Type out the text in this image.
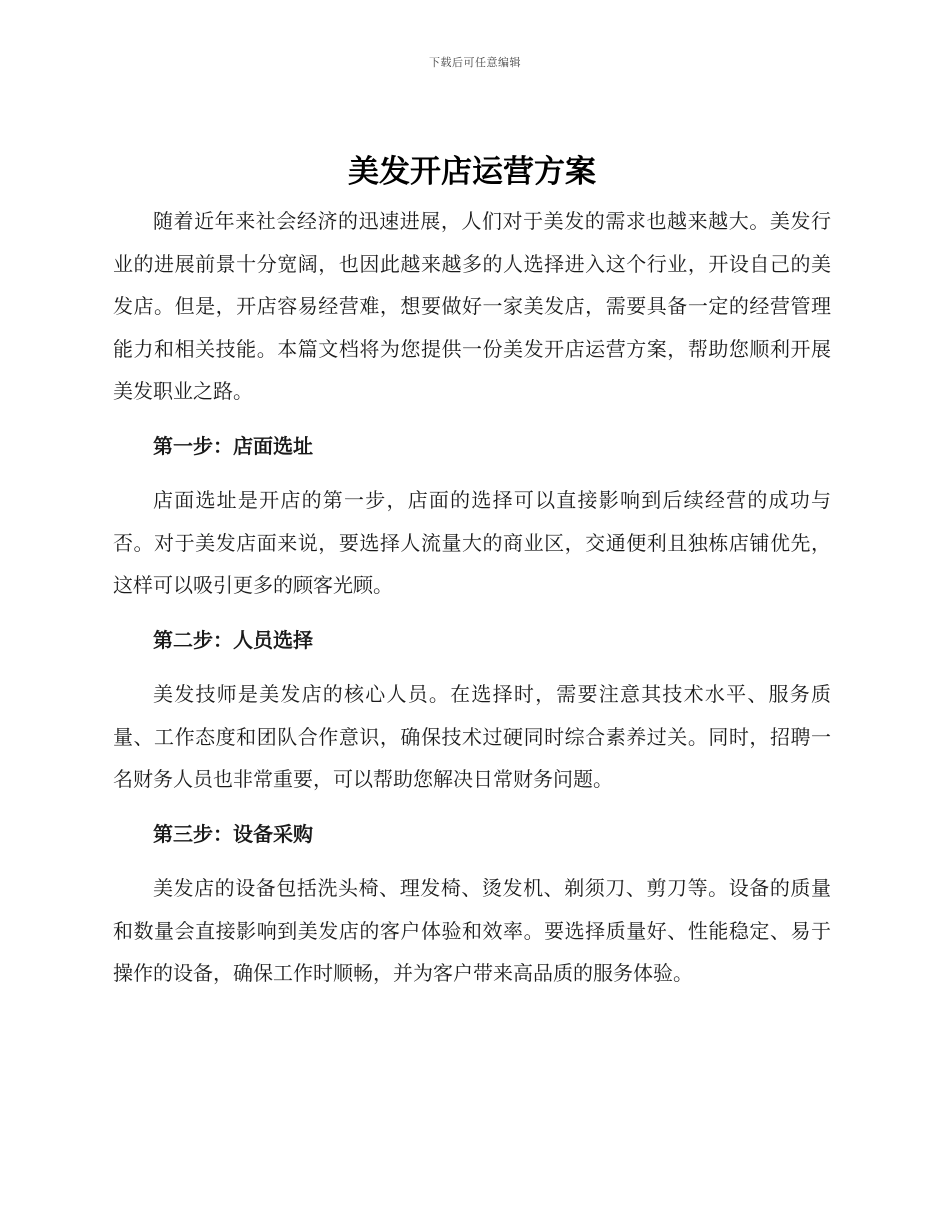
下载后可任意编辑
美发开店运营方案

随着近年来社会经济的迅速进展，人们对于美发的需求也越来越大。美发行业的进展前景十分宽阔，也因此越来越多的人选择进入这个行业，开设自己的美发店。但是，开店容易经营难，想要做好一家美发店，需要具备一定的经营管理能力和相关技能。本篇文档将为您提供一份美发开店运营方案，帮助您顺利开展美发职业之路。

第一步：店面选址

店面选址是开店的第一步，店面的选择可以直接影响到后续经营的成功与否。对于美发店面来说，要选择人流量大的商业区，交通便利且独栋店铺优先，这样可以吸引更多的顾客光顾。

第二步：人员选择

美发技师是美发店的核心人员。在选择时，需要注意其技术水平、服务质量、工作态度和团队合作意识，确保技术过硬同时综合素养过关。同时，招聘一名财务人员也非常重要，可以帮助您解决日常财务问题。

第三步：设备采购

美发店的设备包括洗头椅、理发椅、烫发机、剃须刀、剪刀等。设备的质量和数量会直接影响到美发店的客户体验和效率。要选择质量好、性能稳定、易于操作的设备，确保工作时顺畅，并为客户带来高品质的服务体验。
